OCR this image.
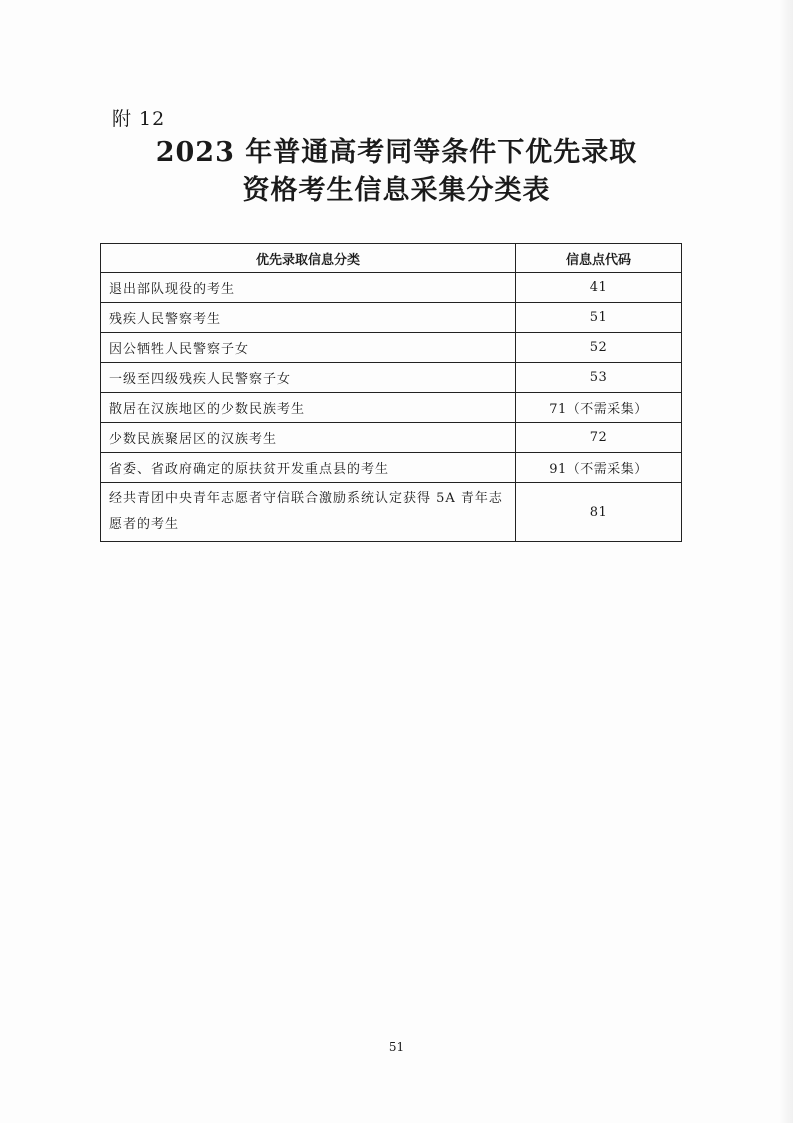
附 12
2023 年普通高考同等条件下优先录取
资格考生信息采集分类表
优先录取信息分类	信息点代码
退出部队现役的考生	41
残疾人民警察考生	51
因公牺牲人民警察子女	52
一级至四级残疾人民警察子女	53
散居在汉族地区的少数民族考生	71（不需采集）
少数民族聚居区的汉族考生	72
省委、省政府确定的原扶贫开发重点县的考生	91（不需采集）
经共青团中央青年志愿者守信联合激励系统认定获得 5A 青年志愿者的考生	81
51
